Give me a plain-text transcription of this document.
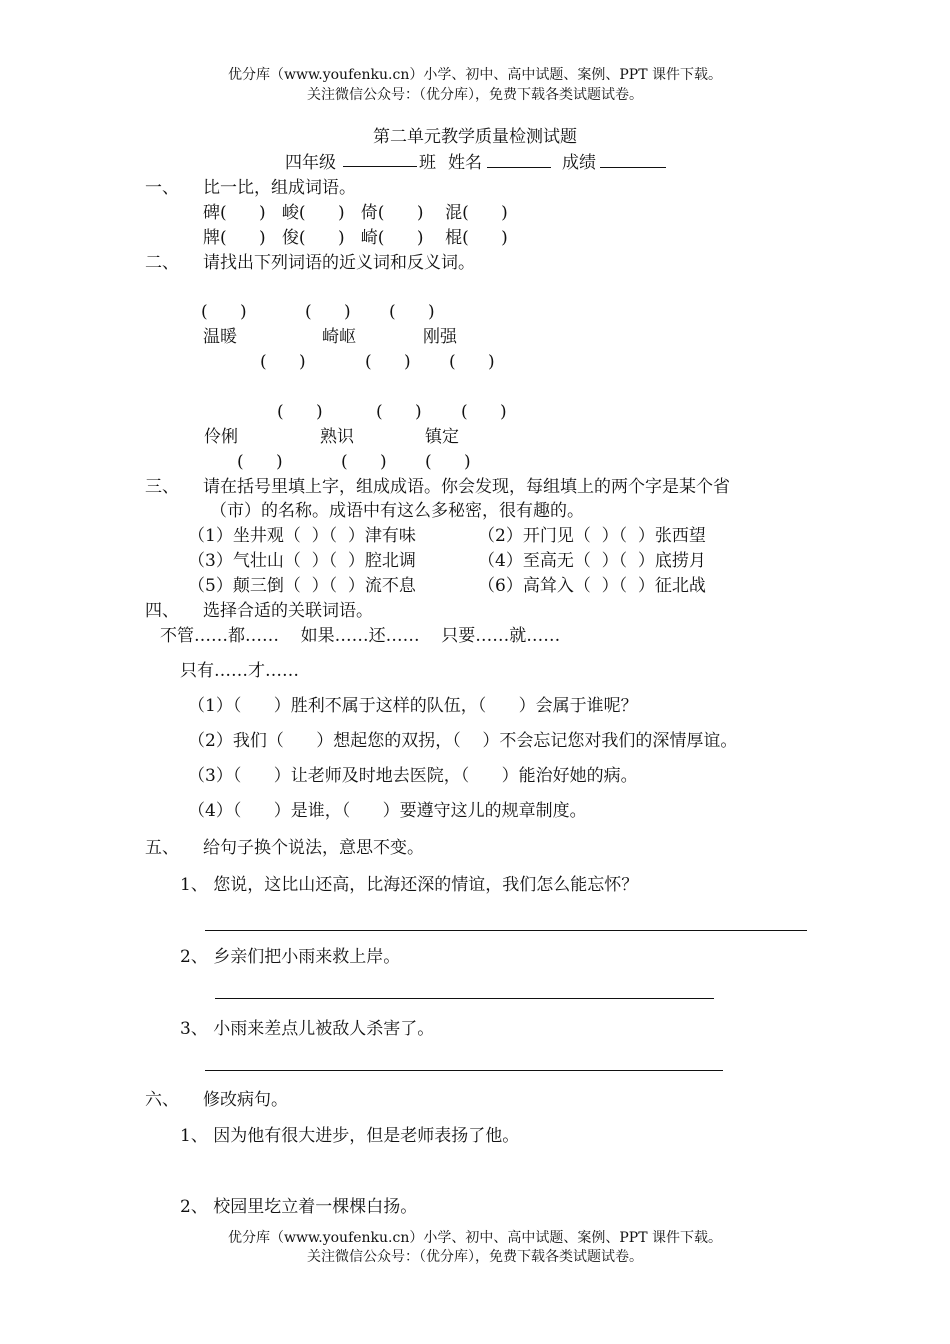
优分库（www.youfenku.cn）小学、初中、高中试题、案例、PPT 课件下载。
关注微信公众号：（优分库），免费下载各类试题试卷。
第二单元教学质量检测试题
四年级	班 姓名	成绩
一、 比一比，组成词语。
碑(      )   峻(      )   倚(      )    混(      )
牌(      )   俊(      )   崎(      )    棍(      )
二、 请找出下列词语的近义词和反义词。
(      )	(      ) (      )
温暖	崎岖	刚强
(      )	(      ) (      )
(      )	(      ) (      )
伶俐	熟识	镇定
(      )	(      ) (      )
三、 请在括号里填上字，组成成语。你会发现，每组填上的两个字是某个省
（市）的名称。成语中有这么多秘密，很有趣的。
（1）坐井观（  ）（  ）津有味	（2）开门见（  ）（  ）张西望
（3）气壮山（  ）（  ）腔北调	（4）至高无（  ）（  ）底捞月
（5）颠三倒（  ）（  ）流不息	（6）高耸入（  ）（  ）征北战
四、 选择合适的关联词语。
不管……都……    如果……还……    只要……就……
只有……才……
（1）（      ）胜利不属于这样的队伍，（      ）会属于谁呢？
（2）我们（      ）想起您的双拐，（    ）不会忘记您对我们的深情厚谊。
（3）（      ）让老师及时地去医院，（      ）能治好她的病。
（4）（      ）是谁，（      ）要遵守这儿的规章制度。
五、 给句子换个说法，意思不变。
1、 您说，这比山还高，比海还深的情谊，我们怎么能忘怀？
2、 乡亲们把小雨来救上岸。
3、 小雨来差点儿被敌人杀害了。
六、 修改病句。
1、 因为他有很大进步，但是老师表扬了他。
2、 校园里圪立着一棵棵白扬。
优分库（www.youfenku.cn）小学、初中、高中试题、案例、PPT 课件下载。
关注微信公众号：（优分库），免费下载各类试题试卷。
